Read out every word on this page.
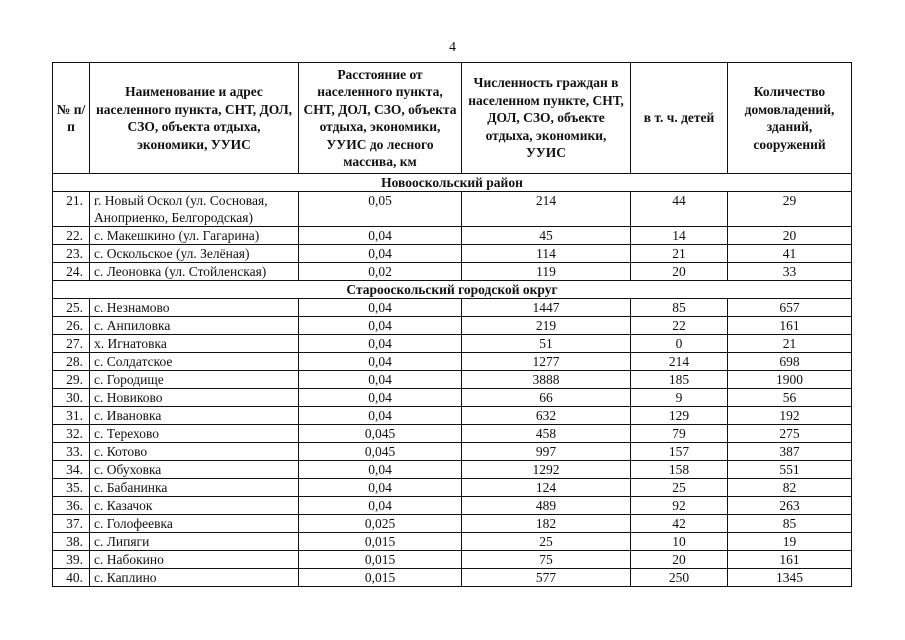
4
№ п/п	Наименование и адрес населенного пункта, СНТ, ДОЛ, СЗО, объекта отдыха, экономики, УУИС	Расстояние от населенного пункта, СНТ, ДОЛ, СЗО, объекта отдыха, экономики, УУИС до лесного массива, км	Численность граждан в населенном пункте, СНТ, ДОЛ, СЗО, объекте отдыха, экономики, УУИС	в т. ч. детей	Количество домовладений, зданий, сооружений
Новооскольский район					
21.	г. Новый Оскол (ул. Сосновая, Аноприенко, Белгородская)	0,05	214	44	29
22.	с. Макешкино (ул. Гагарина)	0,04	45	14	20
23.	с. Оскольское (ул. Зелёная)	0,04	114	21	41
24.	с. Леоновка (ул. Стойленская)	0,02	119	20	33
Старооскольский городской округ					
25.	с. Незнамово	0,04	1447	85	657
26.	с. Анпиловка	0,04	219	22	161
27.	х. Игнатовка	0,04	51	0	21
28.	с. Солдатское	0,04	1277	214	698
29.	с. Городище	0,04	3888	185	1900
30.	с. Новиково	0,04	66	9	56
31.	с. Ивановка	0,04	632	129	192
32.	с. Терехово	0,045	458	79	275
33.	с. Котово	0,045	997	157	387
34.	с. Обуховка	0,04	1292	158	551
35.	с. Бабанинка	0,04	124	25	82
36.	с. Казачок	0,04	489	92	263
37.	с. Голофеевка	0,025	182	42	85
38.	с. Липяги	0,015	25	10	19
39.	с. Набокино	0,015	75	20	161
40.	с. Каплино	0,015	577	250	1345
